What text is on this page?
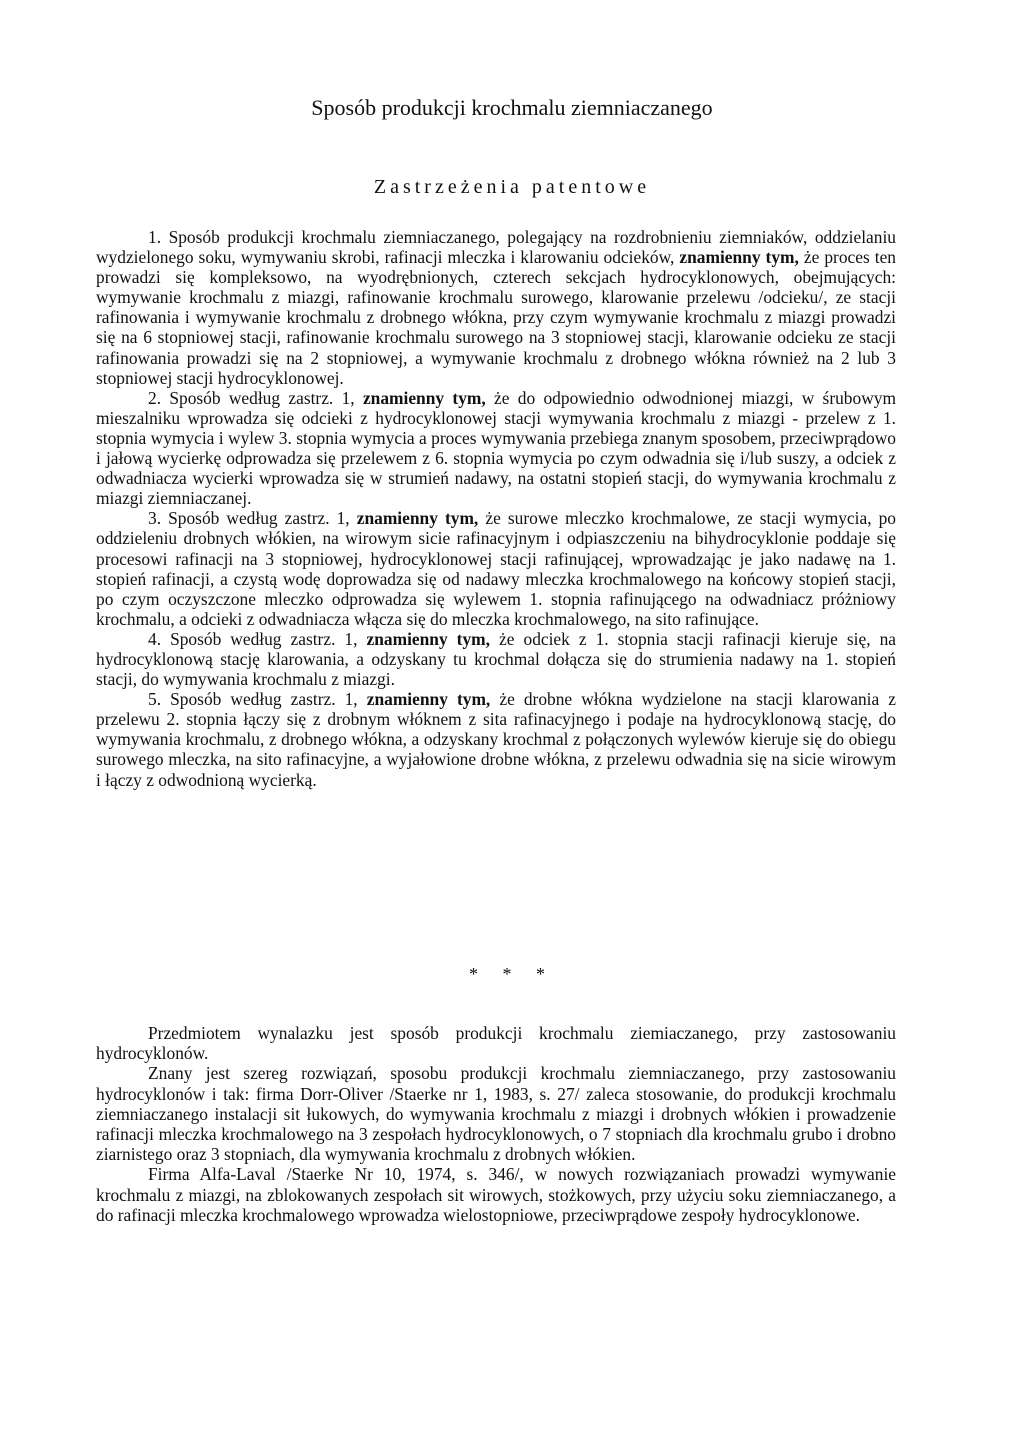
Sposób produkcji krochmalu ziemniaczanego
Zastrzeżenia patentowe

1. Sposób produkcji krochmalu ziemniaczanego, polegający na rozdrobnieniu ziemniaków, oddzielaniu wydzielonego soku, wymywaniu skrobi, rafinacji mleczka i klarowaniu odcieków, znamienny tym, że proces ten prowadzi się kompleksowo, na wyodrębnionych, czterech sekcjach hydrocyklonowych, obejmujących: wymywanie krochmalu z miazgi, rafinowanie krochmalu surowego, klarowanie przelewu /odcieku/, ze stacji rafinowania i wymywanie krochmalu z drobnego włókna, przy czym wymywanie krochmalu z miazgi prowadzi się na 6 stopniowej stacji, rafinowanie krochmalu surowego na 3 stopniowej stacji, klarowanie odcieku ze stacji rafinowania prowadzi się na 2 stopniowej, a wymywanie krochmalu z drobnego włókna również na 2 lub 3 stopniowej stacji hydrocyklonowej.

2. Sposób według zastrz. 1, znamienny tym, że do odpowiednio odwodnionej miazgi, w śrubowym mieszalniku wprowadza się odcieki z hydrocyklonowej stacji wymywania krochmalu z miazgi - przelew z 1. stopnia wymycia i wylew 3. stopnia wymycia a proces wymywania przebiega znanym sposobem, przeciwprądowo i jałową wycierkę odprowadza się przelewem z 6. stopnia wymycia po czym odwadnia się i/lub suszy, a odciek z odwadniacza wycierki wprowadza się w strumień nadawy, na ostatni stopień stacji, do wymywania krochmalu z miazgi ziemniaczanej.

3. Sposób według zastrz. 1, znamienny tym, że surowe mleczko krochmalowe, ze stacji wymycia, po oddzieleniu drobnych włókien, na wirowym sicie rafinacyjnym i odpiaszczeniu na bihydrocyklonie poddaje się procesowi rafinacji na 3 stopniowej, hydrocyklonowej stacji rafinującej, wprowadzając je jako nadawę na 1. stopień rafinacji, a czystą wodę doprowadza się od nadawy mleczka krochmalowego na końcowy stopień stacji, po czym oczyszczone mleczko odprowadza się wylewem 1. stopnia rafinującego na odwadniacz próżniowy krochmalu, a odcieki z odwadniacza włącza się do mleczka krochmalowego, na sito rafinujące.

4. Sposób według zastrz. 1, znamienny tym, że odciek z 1. stopnia stacji rafinacji kieruje się, na hydrocyklonową stację klarowania, a odzyskany tu krochmal dołącza się do strumienia nadawy na 1. stopień stacji, do wymywania krochmalu z miazgi.

5. Sposób według zastrz. 1, znamienny tym, że drobne włókna wydzielone na stacji klarowania z przelewu 2. stopnia łączy się z drobnym włóknem z sita rafinacyjnego i podaje na hydrocyklonową stację, do wymywania krochmalu, z drobnego włókna, a odzyskany krochmal z połączonych wylewów kieruje się do obiegu surowego mleczka, na sito rafinacyjne, a wyjałowione drobne włókna, z przelewu odwadnia się na sicie wirowym i łączy z odwodnioną wycierką.

* * *

Przedmiotem wynalazku jest sposób produkcji krochmalu ziemiaczanego, przy zastosowaniu hydrocyklonów.

Znany jest szereg rozwiązań, sposobu produkcji krochmalu ziemniaczanego, przy zastosowaniu hydrocyklonów i tak: firma Dorr-Oliver /Staerke nr 1, 1983, s. 27/ zaleca stosowanie, do produkcji krochmalu ziemniaczanego instalacji sit łukowych, do wymywania krochmalu z miazgi i drobnych włókien i prowadzenie rafinacji mleczka krochmalowego na 3 zespołach hydrocyklonowych, o 7 stopniach dla krochmalu grubo i drobno ziarnistego oraz 3 stopniach, dla wymywania krochmalu z drobnych włókien.

Firma Alfa-Laval /Staerke Nr 10, 1974, s. 346/, w nowych rozwiązaniach prowadzi wymywanie krochmalu z miazgi, na zblokowanych zespołach sit wirowych, stożkowych, przy użyciu soku ziemniaczanego, a do rafinacji mleczka krochmalowego wprowadza wielostopniowe, przeciwprądowe zespoły hydrocyklonowe.
